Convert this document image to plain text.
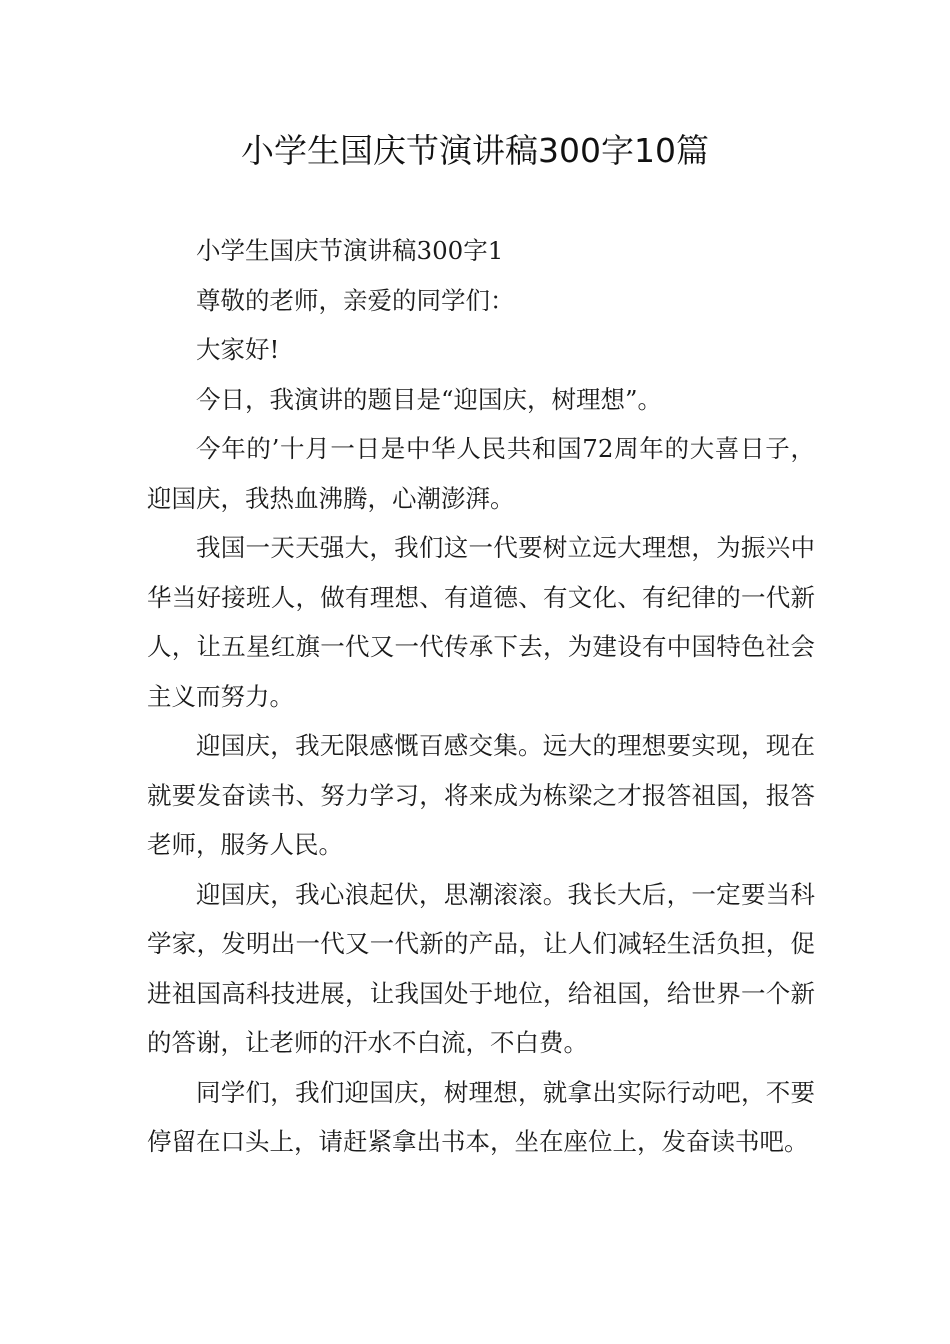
小学生国庆节演讲稿300字10篇

小学生国庆节演讲稿300字1

尊敬的老师，亲爱的同学们：

大家好!

今日，我演讲的题目是“迎国庆，树理想”。

今年的’十月一日是中华人民共和国72周年的大喜日子，迎国庆，我热血沸腾，心潮澎湃。

我国一天天强大，我们这一代要树立远大理想，为振兴中华当好接班人，做有理想、有道德、有文化、有纪律的一代新人，让五星红旗一代又一代传承下去，为建设有中国特色社会主义而努力。

迎国庆，我无限感慨百感交集。远大的理想要实现，现在就要发奋读书、努力学习，将来成为栋梁之才报答祖国，报答老师，服务人民。

迎国庆，我心浪起伏，思潮滚滚。我长大后，一定要当科学家，发明出一代又一代新的产品，让人们减轻生活负担，促进祖国高科技进展，让我国处于地位，给祖国，给世界一个新的答谢，让老师的汗水不白流，不白费。

同学们，我们迎国庆，树理想，就拿出实际行动吧，不要停留在口头上，请赶紧拿出书本，坐在座位上，发奋读书吧。
